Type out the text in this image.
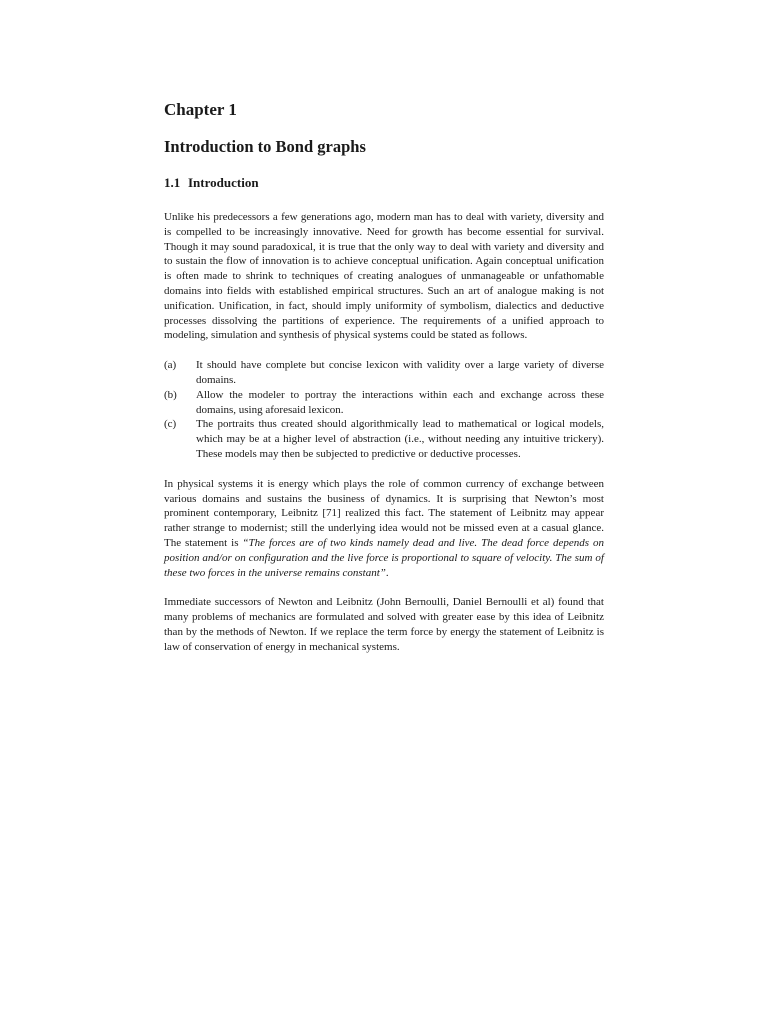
Chapter 1
Introduction to Bond graphs
1.1 Introduction

Unlike his predecessors a few generations ago, modern man has to deal with variety, diversity and is compelled to be increasingly innovative. Need for growth has become essential for survival. Though it may sound paradoxical, it is true that the only way to deal with variety and diversity and to sustain the flow of innovation is to achieve conceptual unification. Again conceptual unification is often made to shrink to techniques of creating analogues of unmanageable or unfathomable domains into fields with established empirical structures. Such an art of analogue making is not unification. Unification, in fact, should imply uniformity of symbolism, dialectics and deductive processes dissolving the partitions of experience. The requirements of a unified approach to modeling, simulation and synthesis of physical systems could be stated as follows.

(a)	It should have complete but concise lexicon with validity over a large variety of diverse domains.
(b)	Allow the modeler to portray the interactions within each and exchange across these domains, using aforesaid lexicon.
(c)	The portraits thus created should algorithmically lead to mathematical or logical models, which may be at a higher level of abstraction (i.e., without needing any intuitive trickery). These models may then be subjected to predictive or deductive processes.

In physical systems it is energy which plays the role of common currency of exchange between various domains and sustains the business of dynamics. It is surprising that Newton’s most prominent contemporary, Leibnitz [71] realized this fact. The statement of Leibnitz may appear rather strange to modernist; still the underlying idea would not be missed even at a casual glance. The statement is “The forces are of two kinds namely dead and live. The dead force depends on position and/or on configuration and the live force is proportional to square of velocity. The sum of these two forces in the universe remains constant”.

Immediate successors of Newton and Leibnitz (John Bernoulli, Daniel Bernoulli et al) found that many problems of mechanics are formulated and solved with greater ease by this idea of Leibnitz than by the methods of Newton. If we replace the term force by energy the statement of Leibnitz is law of conservation of energy in mechanical systems.
